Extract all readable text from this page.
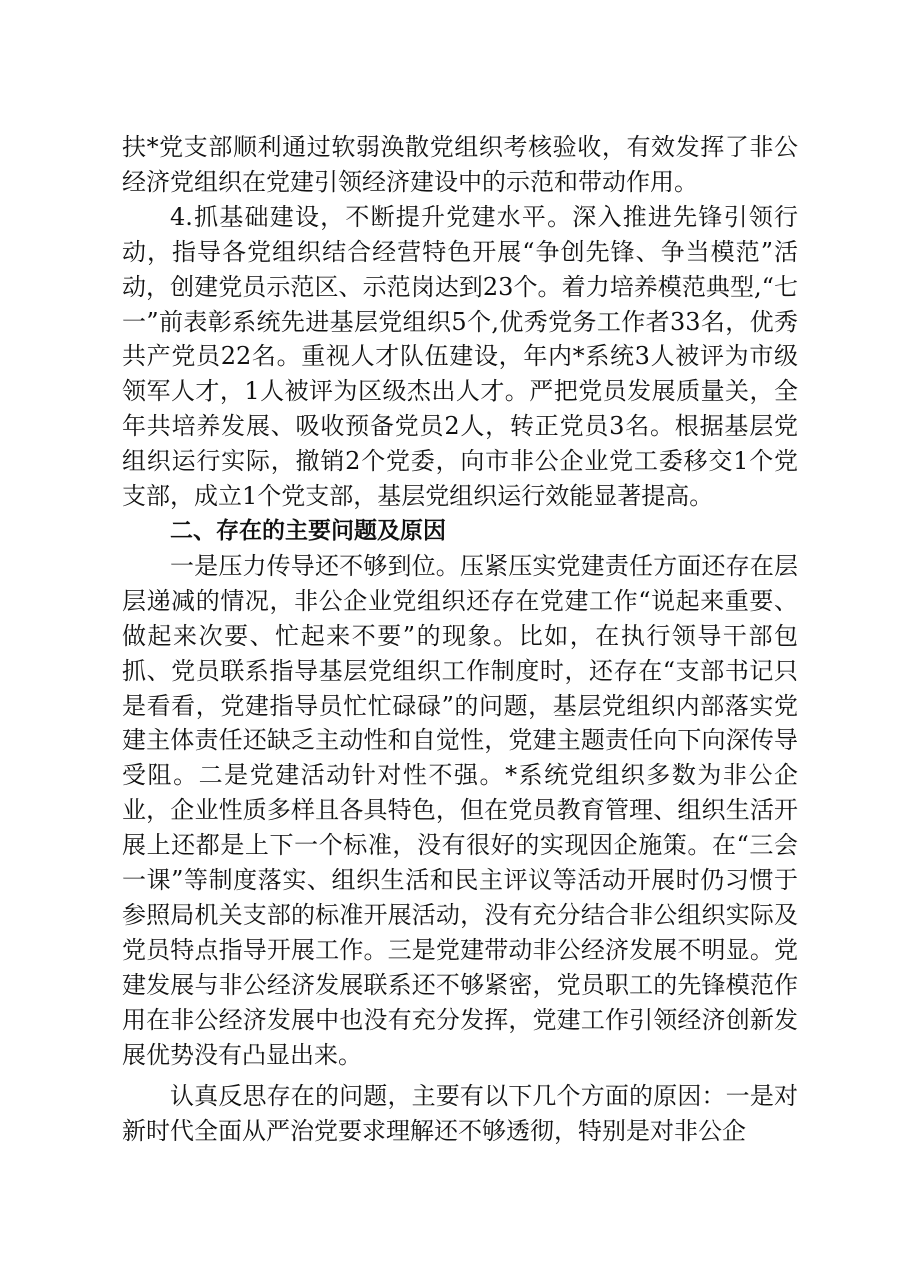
扶*党支部顺利通过软弱涣散党组织考核验收，有效发挥了非公经济党组织在党建引领经济建设中的示范和带动作用。

4.抓基础建设，不断提升党建水平。深入推进先锋引领行动，指导各党组织结合经营特色开展“争创先锋、争当模范”活动，创建党员示范区、示范岗达到23个。着力培养模范典型,“七一”前表彰系统先进基层党组织5个,优秀党务工作者33名，优秀共产党员22名。重视人才队伍建设，年内*系统3人被评为市级领军人才，1人被评为区级杰出人才。严把党员发展质量关，全年共培养发展、吸收预备党员2人，转正党员3名。根据基层党组织运行实际，撤销2个党委，向市非公企业党工委移交1个党支部，成立1个党支部，基层党组织运行效能显著提高。

二、存在的主要问题及原因

一是压力传导还不够到位。压紧压实党建责任方面还存在层层递减的情况，非公企业党组织还存在党建工作“说起来重要、做起来次要、忙起来不要”的现象。比如，在执行领导干部包抓、党员联系指导基层党组织工作制度时，还存在“支部书记只是看看，党建指导员忙忙碌碌”的问题，基层党组织内部落实党建主体责任还缺乏主动性和自觉性，党建主题责任向下向深传导受阻。二是党建活动针对性不强。*系统党组织多数为非公企业，企业性质多样且各具特色，但在党员教育管理、组织生活开展上还都是上下一个标准，没有很好的实现因企施策。在“三会一课”等制度落实、组织生活和民主评议等活动开展时仍习惯于参照局机关支部的标准开展活动，没有充分结合非公组织实际及党员特点指导开展工作。三是党建带动非公经济发展不明显。党建发展与非公经济发展联系还不够紧密，党员职工的先锋模范作用在非公经济发展中也没有充分发挥，党建工作引领经济创新发展优势没有凸显出来。

认真反思存在的问题，主要有以下几个方面的原因：一是对新时代全面从严治党要求理解还不够透彻，特别是对非公企
